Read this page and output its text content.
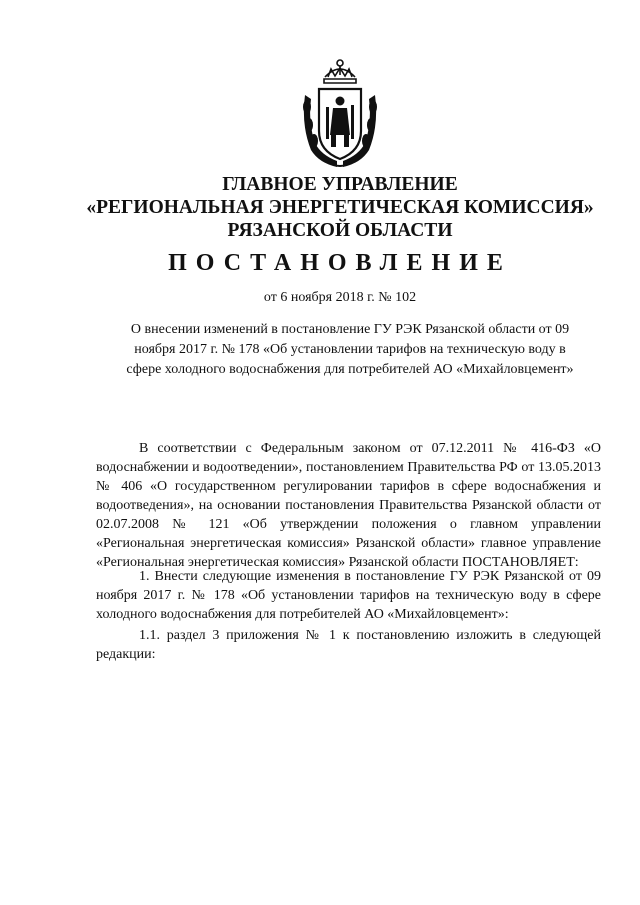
ГЛАВНОЕ УПРАВЛЕНИЕ
«РЕГИОНАЛЬНАЯ ЭНЕРГЕТИЧЕСКАЯ КОМИССИЯ»
РЯЗАНСКОЙ ОБЛАСТИ
ПОСТАНОВЛЕНИЕ
от 6 ноября 2018 г. № 102
О внесении изменений в постановление ГУ РЭК Рязанской области от 09 ноября 2017 г. № 178 «Об установлении тарифов на техническую воду в сфере холодного водоснабжения для потребителей АО «Михайловцемент»
В соответствии с Федеральным законом от 07.12.2011 № 416-ФЗ «О водоснабжении и водоотведении», постановлением Правительства РФ от 13.05.2013 № 406 «О государственном регулировании тарифов в сфере водоснабжения и водоотведения», на основании постановления Правительства Рязанской области от 02.07.2008 № 121 «Об утверждении положения о главном управлении «Региональная энергетическая комиссия» Рязанской области» главное управление «Региональная энергетическая комиссия» Рязанской области ПОСТАНОВЛЯЕТ:
1. Внести следующие изменения в постановление ГУ РЭК Рязанской от 09 ноября 2017 г. № 178 «Об установлении тарифов на техническую воду в сфере холодного водоснабжения для потребителей АО «Михайловцемент»:
1.1. раздел 3 приложения № 1 к постановлению изложить в следующей редакции:
